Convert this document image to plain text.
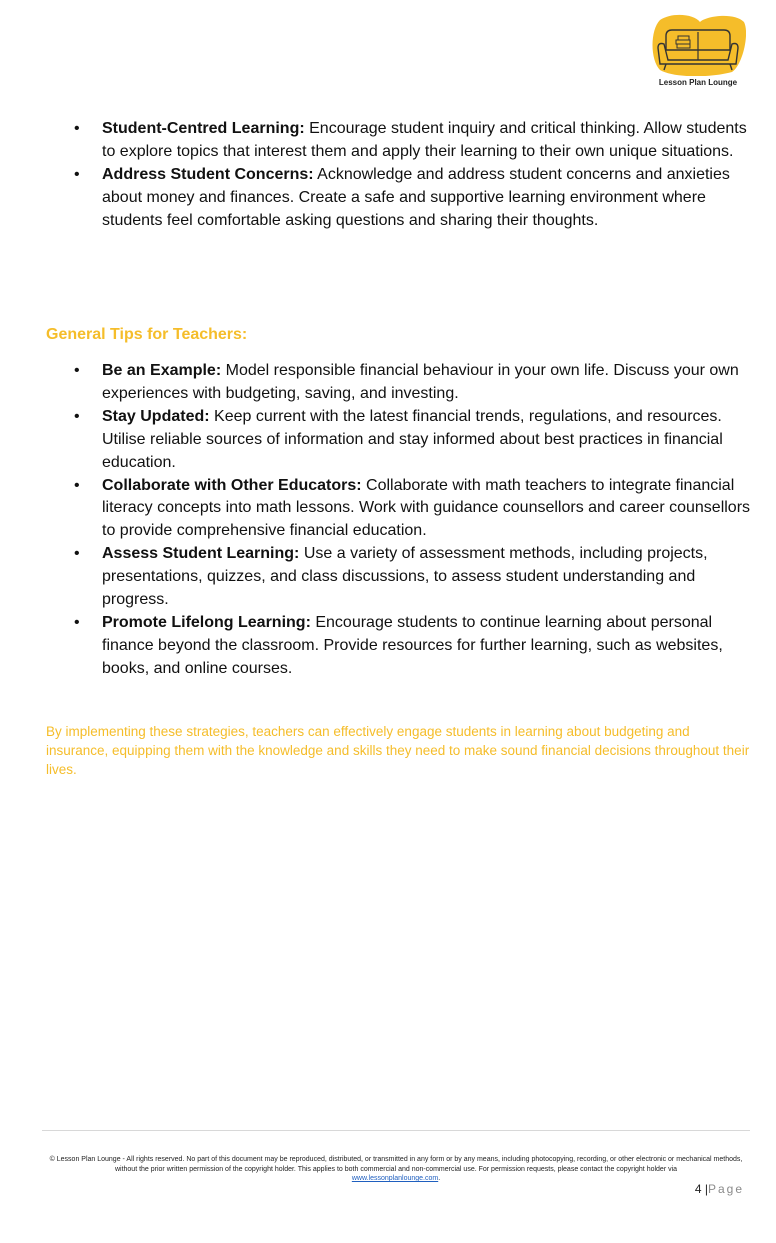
Lesson Plan Lounge
• Student-Centred Learning: Encourage student inquiry and critical thinking. Allow students to explore topics that interest them and apply their learning to their own unique situations.
• Address Student Concerns: Acknowledge and address student concerns and anxieties about money and finances. Create a safe and supportive learning environment where students feel comfortable asking questions and sharing their thoughts.
General Tips for Teachers:
• Be an Example: Model responsible financial behaviour in your own life. Discuss your own experiences with budgeting, saving, and investing.
• Stay Updated: Keep current with the latest financial trends, regulations, and resources. Utilise reliable sources of information and stay informed about best practices in financial education.
• Collaborate with Other Educators: Collaborate with math teachers to integrate financial literacy concepts into math lessons. Work with guidance counsellors and career counsellors to provide comprehensive financial education.
• Assess Student Learning: Use a variety of assessment methods, including projects, presentations, quizzes, and class discussions, to assess student understanding and progress.
• Promote Lifelong Learning: Encourage students to continue learning about personal finance beyond the classroom. Provide resources for further learning, such as websites, books, and online courses.

By implementing these strategies, teachers can effectively engage students in learning about budgeting and insurance, equipping them with the knowledge and skills they need to make sound financial decisions throughout their lives.

© Lesson Plan Lounge - All rights reserved. No part of this document may be reproduced, distributed, or transmitted in any form or by any means, including photocopying, recording, or other electronic or mechanical methods, without the prior written permission of the copyright holder. This applies to both commercial and non-commercial use. For permission requests, please contact the copyright holder via
www.lessonplanlounge.com.

4 |Page
